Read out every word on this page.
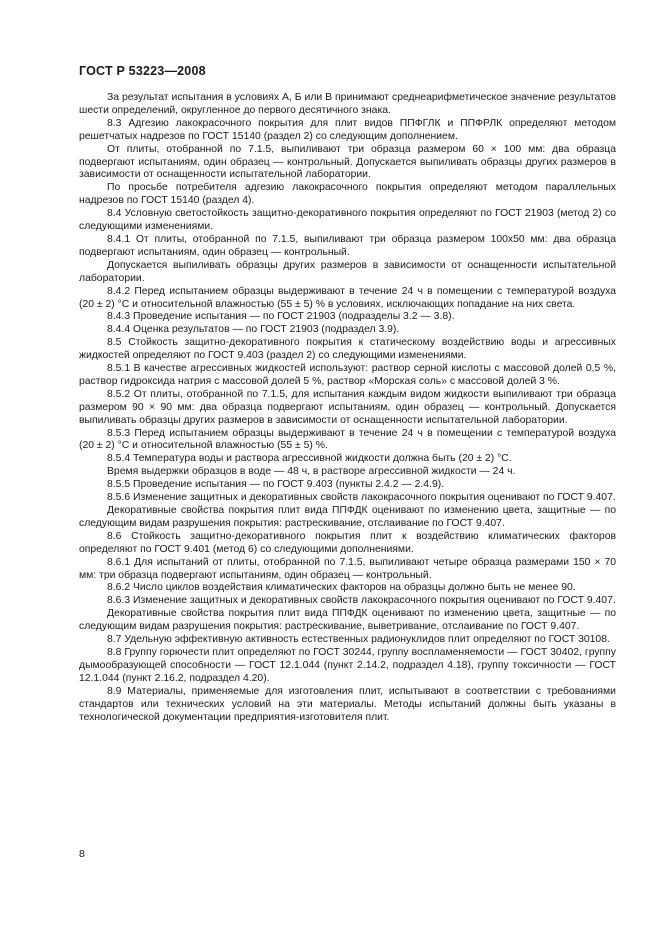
ГОСТ Р 53223—2008

За результат испытания в условиях А, Б или В принимают среднеарифметическое значение результатов шести определений, округленное до первого десятичного знака.

8.3 Адгезию лакокрасочного покрытия для плит видов ППФГЛК и ППФРЛК определяют методом решетчатых надрезов по ГОСТ 15140 (раздел 2) со следующим дополнением.

От плиты, отобранной по 7.1.5, выпиливают три образца размером 60 × 100 мм: два образца подвергают испытаниям, один образец — контрольный. Допускается выпиливать образцы других размеров в зависимости от оснащенности испытательной лаборатории.

По просьбе потребителя адгезию лакокрасочного покрытия определяют методом параллельных надрезов по ГОСТ 15140 (раздел 4).

8.4 Условную светостойкость защитно-декоративного покрытия определяют по ГОСТ 21903 (метод 2) со следующими изменениями.

8.4.1 От плиты, отобранной по 7.1.5, выпиливают три образца размером 100х50 мм: два образца подвергают испытаниям, один образец — контрольный.

Допускается выпиливать образцы других размеров в зависимости от оснащенности испытательной лаборатории.

8.4.2 Перед испытанием образцы выдерживают в течение 24 ч в помещении с температурой воздуха (20 ± 2) °С и относительной влажностью (55 ± 5) % в условиях, исключающих попадание на них света.

8.4.3 Проведение испытания — по ГОСТ 21903 (подразделы 3.2 — 3.8).

8.4.4 Оценка результатов — по ГОСТ 21903 (подраздел 3.9).

8.5 Стойкость защитно-декоративного покрытия к статическому воздействию воды и агрессивных жидкостей определяют по ГОСТ 9.403 (раздел 2) со следующими изменениями.

8.5.1 В качестве агрессивных жидкостей используют: раствор серной кислоты с массовой долей 0,5 %, раствор гидроксида натрия с массовой долей 5 %, раствор «Морская соль» с массовой долей 3 %.

8.5.2 От плиты, отобранной по 7.1.5, для испытания каждым видом жидкости выпиливают три образца размером 90 × 90 мм: два образца подвергают испытаниям, один образец — контрольный. Допускается выпиливать образцы других размеров в зависимости от оснащенности испытательной лаборатории.

8.5.3 Перед испытанием образцы выдерживают в течение 24 ч в помещении с температурой воздуха (20 ± 2) °С и относительной влажностью (55 ± 5) %.

8.5.4 Температура воды и раствора агрессивной жидкости должна быть (20 ± 2) °С.

Время выдержки образцов в воде — 48 ч, в растворе агрессивной жидкости — 24 ч.

8.5.5 Проведение испытания — по ГОСТ 9.403 (пункты 2.4.2 — 2.4.9).

8.5.6 Изменение защитных и декоративных свойств лакокрасочного покрытия оценивают по ГОСТ 9.407.

Декоративные свойства покрытия плит вида ППФДК оценивают по изменению цвета, защитные — по следующим видам разрушения покрытия: растрескивание, отслаивание по ГОСТ 9.407.

8.6 Стойкость защитно-декоративного покрытия плит к воздействию климатических факторов определяют по ГОСТ 9.401 (метод 6) со следующими дополнениями.

8.6.1 Для испытаний от плиты, отобранной по 7.1.5, выпиливают четыре образца размерами 150 × 70 мм: три образца подвергают испытаниям, один образец — контрольный.

8.6.2 Число циклов воздействия климатических факторов на образцы должно быть не менее 90.

8.6.3 Изменение защитных и декоративных свойств лакокрасочного покрытия оценивают по ГОСТ 9.407.

Декоративные свойства покрытия плит вида ППФДК оценивают по изменению цвета, защитные — по следующим видам разрушения покрытия: растрескивание, выветривание, отслаивание по ГОСТ 9.407.

8.7 Удельную эффективную активность естественных радионуклидов плит определяют по ГОСТ 30108.

8.8 Группу горючести плит определяют по ГОСТ 30244, группу воспламеняемости — ГОСТ 30402, группу дымообразующей способности — ГОСТ 12.1.044 (пункт 2.14.2, подраздел 4.18), группу токсичности — ГОСТ 12.1.044 (пункт 2.16.2, подраздел 4.20).

8.9 Материалы, применяемые для изготовления плит, испытывают в соответствии с требованиями стандартов или технических условий на эти материалы. Методы испытаний должны быть указаны в технологической документации предприятия-изготовителя плит.

8
